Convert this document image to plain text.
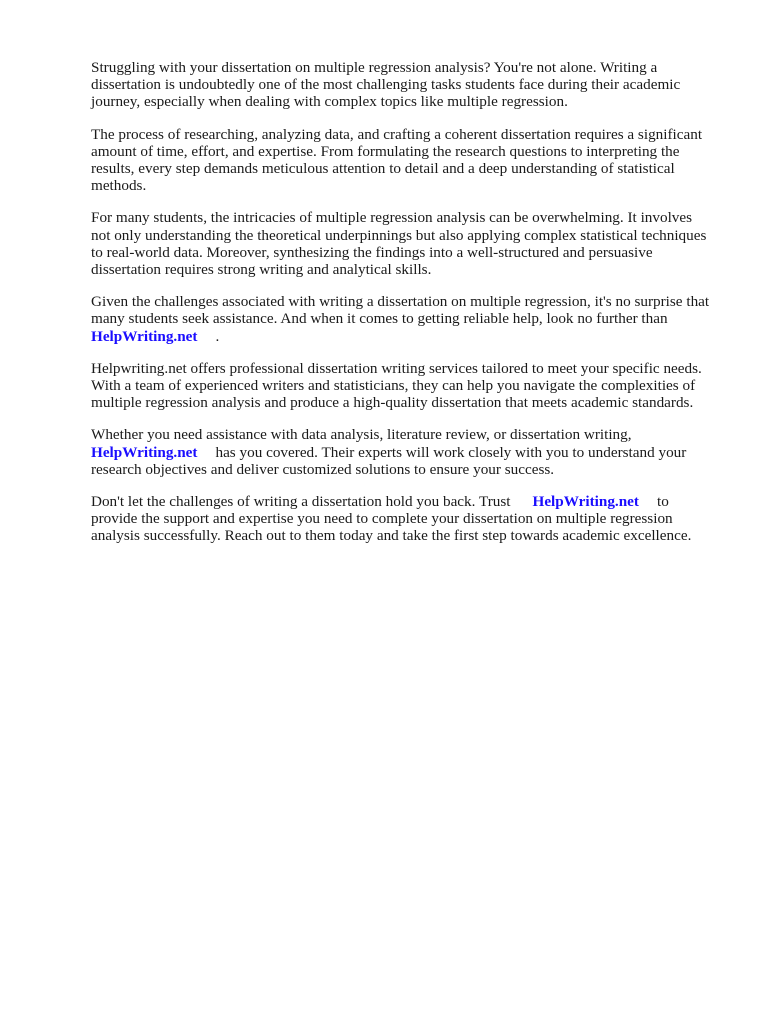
Struggling with your dissertation on multiple regression analysis? You're not alone. Writing a
dissertation is undoubtedly one of the most challenging tasks students face during their academic
journey, especially when dealing with complex topics like multiple regression.

The process of researching, analyzing data, and crafting a coherent dissertation requires a significant
amount of time, effort, and expertise. From formulating the research questions to interpreting the
results, every step demands meticulous attention to detail and a deep understanding of statistical
methods.

For many students, the intricacies of multiple regression analysis can be overwhelming. It involves
not only understanding the theoretical underpinnings but also applying complex statistical techniques
to real-world data. Moreover, synthesizing the findings into a well-structured and persuasive
dissertation requires strong writing and analytical skills.

Given the challenges associated with writing a dissertation on multiple regression, it's no surprise that
many students seek assistance. And when it comes to getting reliable help, look no further than
HelpWriting.net .

Helpwriting.net offers professional dissertation writing services tailored to meet your specific needs.
With a team of experienced writers and statisticians, they can help you navigate the complexities of
multiple regression analysis and produce a high-quality dissertation that meets academic standards.

Whether you need assistance with data analysis, literature review, or dissertation writing,
HelpWriting.net has you covered. Their experts will work closely with you to understand your
research objectives and deliver customized solutions to ensure your success.

Don't let the challenges of writing a dissertation hold you back. Trust HelpWriting.net to
provide the support and expertise you need to complete your dissertation on multiple regression
analysis successfully. Reach out to them today and take the first step towards academic excellence.
